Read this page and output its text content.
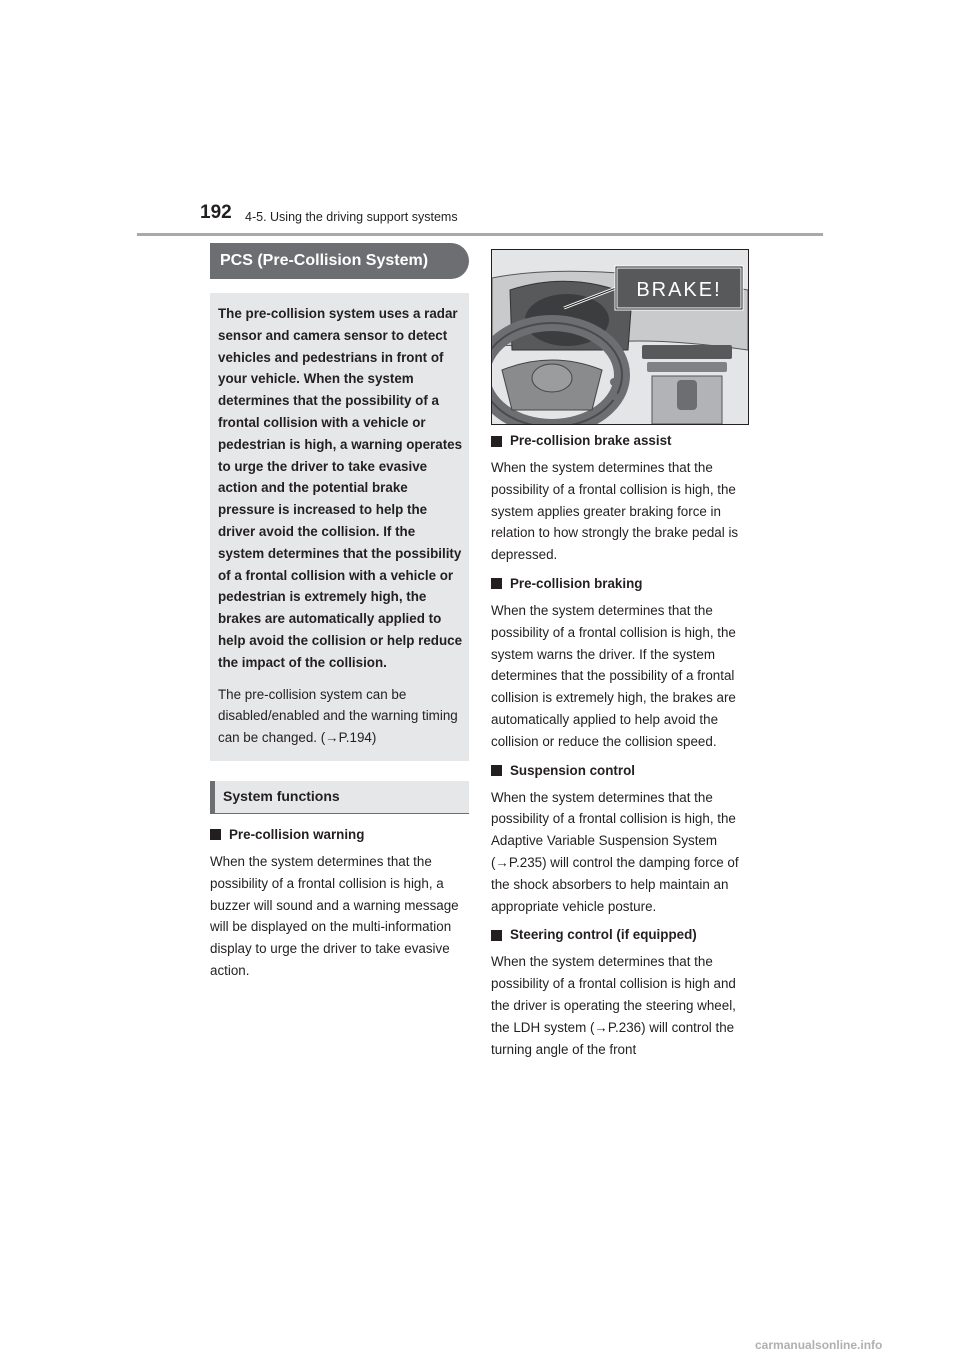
192 4-5. Using the driving support systems
PCS (Pre-Collision System)

The pre-collision system uses a radar sensor and camera sensor to detect vehicles and pedestrians in front of your vehicle. When the system determines that the possibility of a frontal collision with a vehicle or pedestrian is high, a warning operates to urge the driver to take evasive action and the potential brake pressure is increased to help the driver avoid the collision. If the system determines that the possibility of a frontal collision with a vehicle or pedestrian is extremely high, the brakes are automatically applied to help avoid the collision or help reduce the impact of the collision.

The pre-collision system can be disabled/enabled and the warning timing can be changed. (→P.194)

System functions
Pre-collision warning

When the system determines that the possibility of a frontal collision is high, a buzzer will sound and a warning message will be displayed on the multi-information display to urge the driver to take evasive action.

BRAKE!
Pre-collision brake assist

When the system determines that the possibility of a frontal collision is high, the system applies greater braking force in relation to how strongly the brake pedal is depressed.

Pre-collision braking

When the system determines that the possibility of a frontal collision is high, the system warns the driver. If the system determines that the possibility of a frontal collision is extremely high, the brakes are automatically applied to help avoid the collision or reduce the collision speed.

Suspension control

When the system determines that the possibility of a frontal collision is high, the Adaptive Variable Suspension System (→P.235) will control the damping force of the shock absorbers to help maintain an appropriate vehicle posture.

Steering control (if equipped)

When the system determines that the possibility of a frontal collision is high and the driver is operating the steering wheel, the LDH system (→P.236) will control the turning angle of the front

carmanualsonline.info
